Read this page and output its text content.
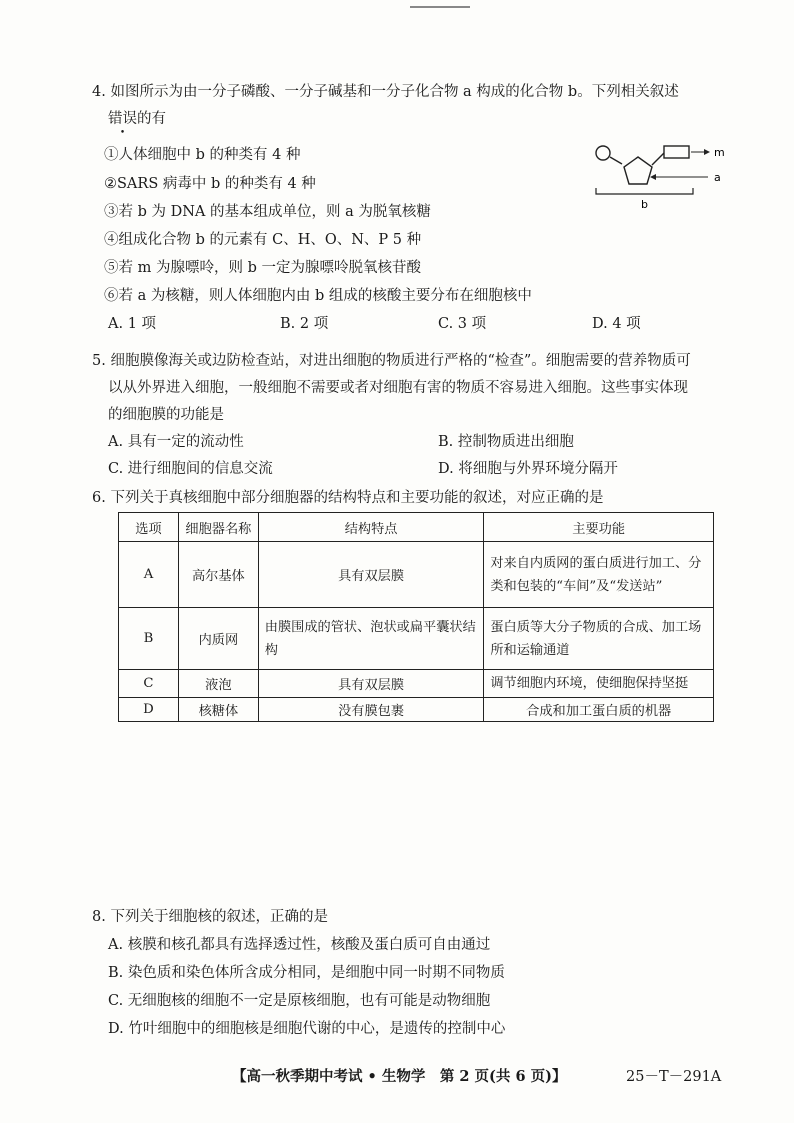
4. 如图所示为由一分子磷酸、一分子碱基和一分子化合物 a 构成的化合物 b。下列相关叙述
错误的有
①人体细胞中 b 的种类有 4 种
②SARS 病毒中 b 的种类有 4 种
③若 b 为 DNA 的基本组成单位，则 a 为脱氧核糖
④组成化合物 b 的元素有 C、H、O、N、P 5 种
⑤若 m 为腺嘌呤，则 b 一定为腺嘌呤脱氧核苷酸
⑥若 a 为核糖，则人体细胞内由 b 组成的核酸主要分布在细胞核中
A. 1 项	B. 2 项	C. 3 项	D. 4 项
m
a
b
5. 细胞膜像海关或边防检查站，对进出细胞的物质进行严格的“检查”。细胞需要的营养物质可
以从外界进入细胞，一般细胞不需要或者对细胞有害的物质不容易进入细胞。这些事实体现
的细胞膜的功能是
A. 具有一定的流动性	B. 控制物质进出细胞
C. 进行细胞间的信息交流	D. 将细胞与外界环境分隔开
6. 下列关于真核细胞中部分细胞器的结构特点和主要功能的叙述，对应正确的是
选项	细胞器名称	结构特点	主要功能
A	高尔基体	具有双层膜	对来自内质网的蛋白质进行加工、分类和包装的“车间”及“发送站”
B	内质网	由膜围成的管状、泡状或扁平囊状结构	蛋白质等大分子物质的合成、加工场所和运输通道
C	液泡	具有双层膜	调节细胞内环境，使细胞保持坚挺
D	核糖体	没有膜包裹	合成和加工蛋白质的机器
8. 下列关于细胞核的叙述，正确的是
A. 核膜和核孔都具有选择透过性，核酸及蛋白质可自由通过
B. 染色质和染色体所含成分相同，是细胞中同一时期不同物质
C. 无细胞核的细胞不一定是原核细胞，也有可能是动物细胞
D. 竹叶细胞中的细胞核是细胞代谢的中心，是遗传的控制中心
【高一秋季期中考试 • 生物学　第 2 页(共 6 页)】	25－T－291A
